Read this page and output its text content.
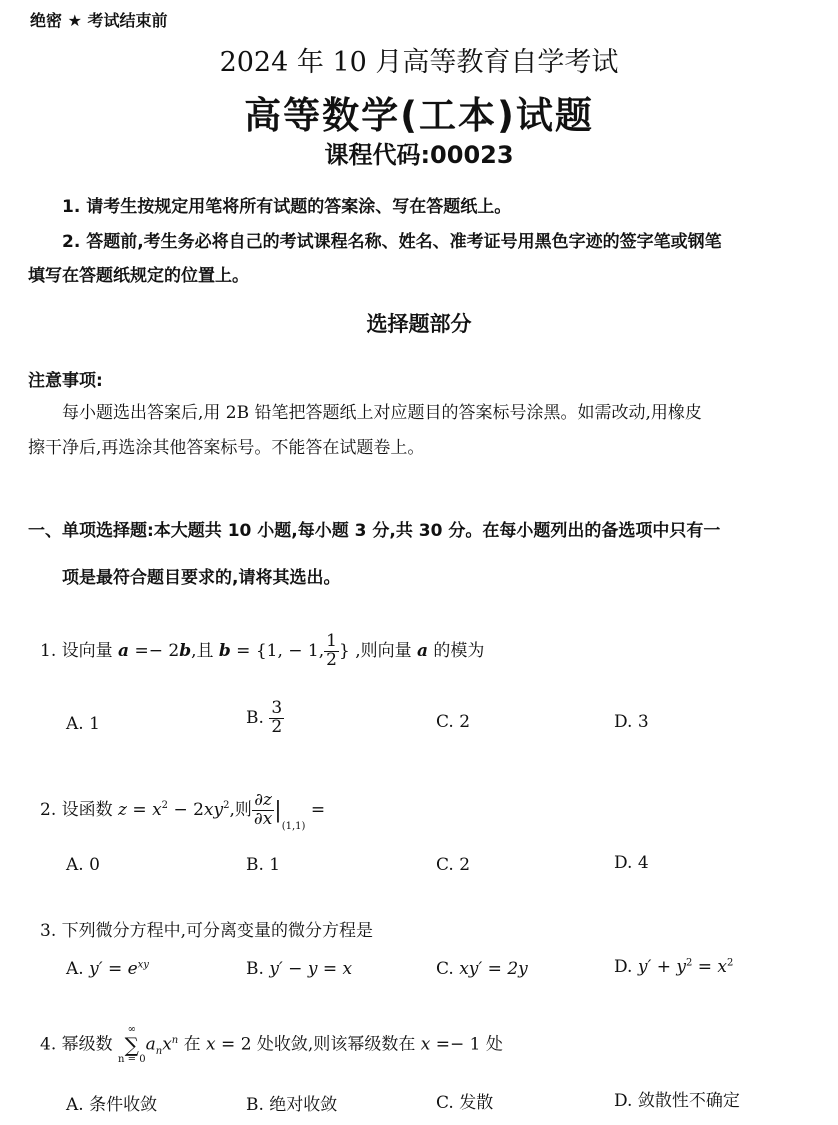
绝密 ★ 考试结束前
2024 年 10 月高等教育自学考试
高等数学(工本)试题
课程代码:00023
1. 请考生按规定用笔将所有试题的答案涂、写在答题纸上。
2. 答题前,考生务必将自己的考试课程名称、姓名、准考证号用黑色字迹的签字笔或钢笔
填写在答题纸规定的位置上。
选择题部分
注意事项:
每小题选出答案后,用 2B 铅笔把答题纸上对应题目的答案标号涂黑。如需改动,用橡皮
擦干净后,再选涂其他答案标号。不能答在试题卷上。
一、单项选择题:本大题共 10 小题,每小题 3 分,共 30 分。在每小题列出的备选项中只有一
项是最符合题目要求的,请将其选出。
1. 设向量 a =− 2b,且 b = {1, − 1, $\frac{1}{2}$ } ,则向量 a 的模为
A. 1	B. $\frac{3}{2}$	C. 2	D. 3
2. 设函数 $z = x^2 - 2xy^2$,则 $\frac{\partial z}{\partial x} |_{(1,1)}$ =
A. 0	B. 1	C. 2	D. 4
3. 下列微分方程中,可分离变量的微分方程是
A. $y' = e^{xy}$	B. y′ − y = x	C. xy′ = 2y	D. $y' + y^2 = x^2$
4. 幂级数
∞
∑
n = 0
$a_nx^n$ 在 x = 2 处收敛,则该幂级数在 x =− 1 处
A. 条件收敛	B. 绝对收敛	C. 发散	D. 敛散性不确定
